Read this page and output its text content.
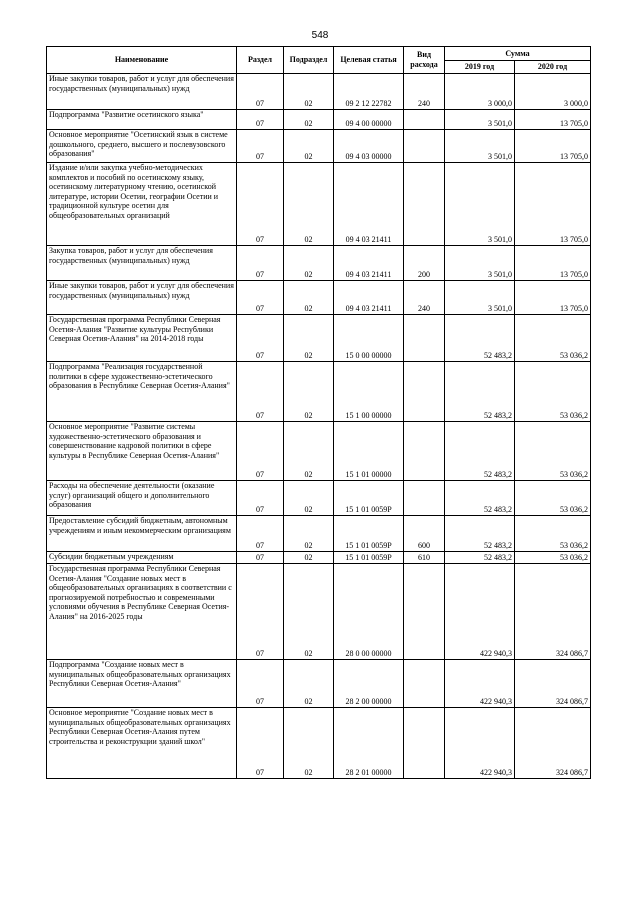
548
Наименование	Раздел	Подраздел	Целевая статья	Вид расхода	Сумма	
					2019 год	2020 год
Иные закупки товаров, работ и услуг для обеспечения государственных (муниципальных) нужд	07	02	09 2 12 22782	240	3 000,0	3 000,0
Подпрограмма "Развитие осетинского языка"	07	02	09 4 00 00000		3 501,0	13 705,0
Основное мероприятие "Осетинский язык в системе дошкольного, среднего, высшего и послевузовского образования"	07	02	09 4 03 00000		3 501,0	13 705,0
Издание и/или закупка учебно-методических комплектов и пособий по осетинскому языку, осетинскому литературному чтению, осетинской литературе, истории Осетии, географии Осетии и традиционной культуре осетин для общеобразовательных организаций	07	02	09 4 03 21411		3 501,0	13 705,0
Закупка товаров, работ и услуг для обеспечения государственных (муниципальных) нужд	07	02	09 4 03 21411	200	3 501,0	13 705,0
Иные закупки товаров, работ и услуг для обеспечения государственных (муниципальных) нужд	07	02	09 4 03 21411	240	3 501,0	13 705,0
Государственная программа Республики Северная Осетия-Алания "Развитие культуры Республики Северная Осетия-Алания" на 2014-2018 годы	07	02	15 0 00 00000		52 483,2	53 036,2
Подпрограмма "Реализация государственной политики в сфере художественно-эстетического образования в Республике Северная Осетия-Алания"	07	02	15 1 00 00000		52 483,2	53 036,2
Основное мероприятие "Развитие системы художественно-эстетического образования и совершенствование кадровой политики в сфере культуры в Республике Северная Осетия-Алания"	07	02	15 1 01 00000		52 483,2	53 036,2
Расходы на обеспечение деятельности (оказание услуг) организаций общего и дополнительного образования	07	02	15 1 01 0059Р		52 483,2	53 036,2
Предоставление субсидий бюджетным, автономным учреждениям и иным некоммерческим организациям	07	02	15 1 01 0059Р	600	52 483,2	53 036,2
Субсидии бюджетным учреждениям	07	02	15 1 01 0059Р	610	52 483,2	53 036,2
Государственная программа Республики Северная Осетия-Алания "Создание новых мест в общеобразовательных организациях в соответствии с прогнозируемой потребностью и современными условиями обучения в Республике Северная Осетия-Алания" на 2016-2025 годы	07	02	28 0 00 00000		422 940,3	324 086,7
Подпрограмма "Создание новых мест в муниципальных общеобразовательных организациях Республики Северная Осетия-Алания"	07	02	28 2 00 00000		422 940,3	324 086,7
Основное мероприятие "Создание новых мест в муниципальных общеобразовательных организациях Республики Северная Осетия-Алания путем строительства и реконструкции зданий школ"	07	02	28 2 01 00000		422 940,3	324 086,7
